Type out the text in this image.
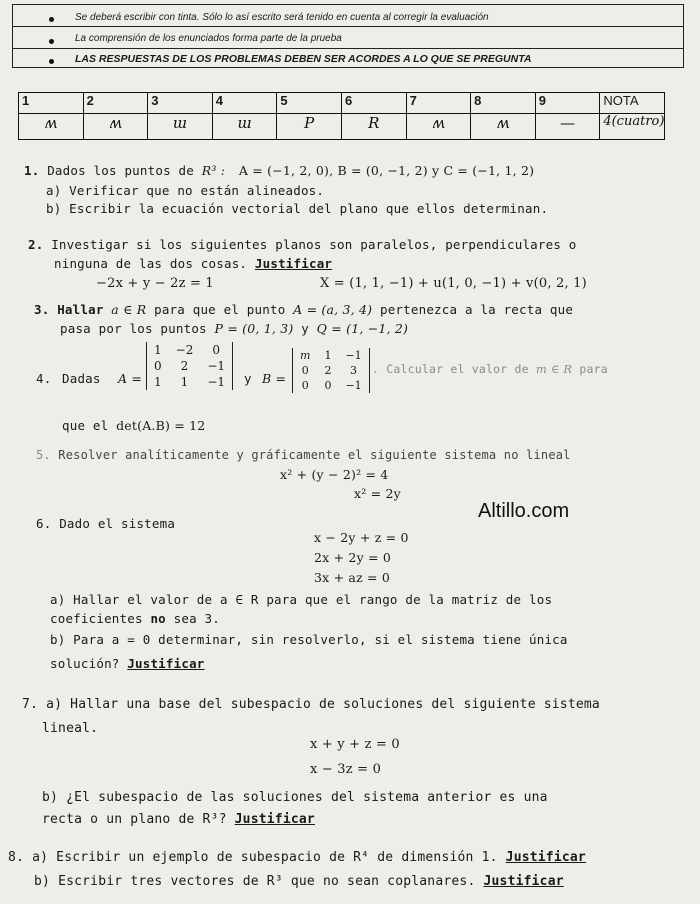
Se deberá escribir con tinta. Sólo lo así escrito será tenido en cuenta al corregir la evaluación
La comprensión de los enunciados forma parte de la prueba
LAS RESPUESTAS DE LOS PROBLEMAS DEBEN SER ACORDES A LO QUE SE PREGUNTA
1	2	3	4	5	6	7	8	9	NOTA
ʍ	ʍ	ɯ	ɯ	P	R	ʍ	ʍ	—	4(cuatro)
1. Dados los puntos de R³ : A = (−1, 2, 0), B = (0, −1, 2) y C = (−1, 1, 2)
a) Verificar que no están alineados.
b) Escribir la ecuación vectorial del plano que ellos determinan.
2. Investigar si los siguientes planos son paralelos, perpendiculares o
ninguna de las dos cosas. Justificar
−2x + y − 2z = 1	X = (1, 1, −1) + u(1, 0, −1) + v(0, 2, 1)
3. Hallar a ∈ R para que el punto A = (a, 3, 4) pertenezca a la recta que
pasa por los puntos P = (0, 1, 3) y Q = (1, −1, 2)
4. Dadas A =
1	−2	0
0	2	−1
1	1	−1 y B =
m	1	−1
0	2	3
0	0	−1
. Calcular el valor de m ∈ R para
que el det(A.B) = 12
5. Resolver analíticamente y gráficamente el siguiente sistema no lineal
x² + (y − 2)² = 4
x² = 2y
Altillo.com
6. Dado el sistema
x − 2y + z = 0
2x + 2y = 0
3x + az = 0
a) Hallar el valor de a ∈ R para que el rango de la matriz de los
coeficientes no sea 3.
b) Para a = 0 determinar, sin resolverlo, si el sistema tiene única
solución? Justificar
7. a) Hallar una base del subespacio de soluciones del siguiente sistema
lineal.
x + y + z = 0
x − 3z = 0
b) ¿El subespacio de las soluciones del sistema anterior es una
recta o un plano de R³? Justificar
8. a) Escribir un ejemplo de subespacio de R⁴ de dimensión 1. Justificar
b) Escribir tres vectores de R³ que no sean coplanares. Justificar
